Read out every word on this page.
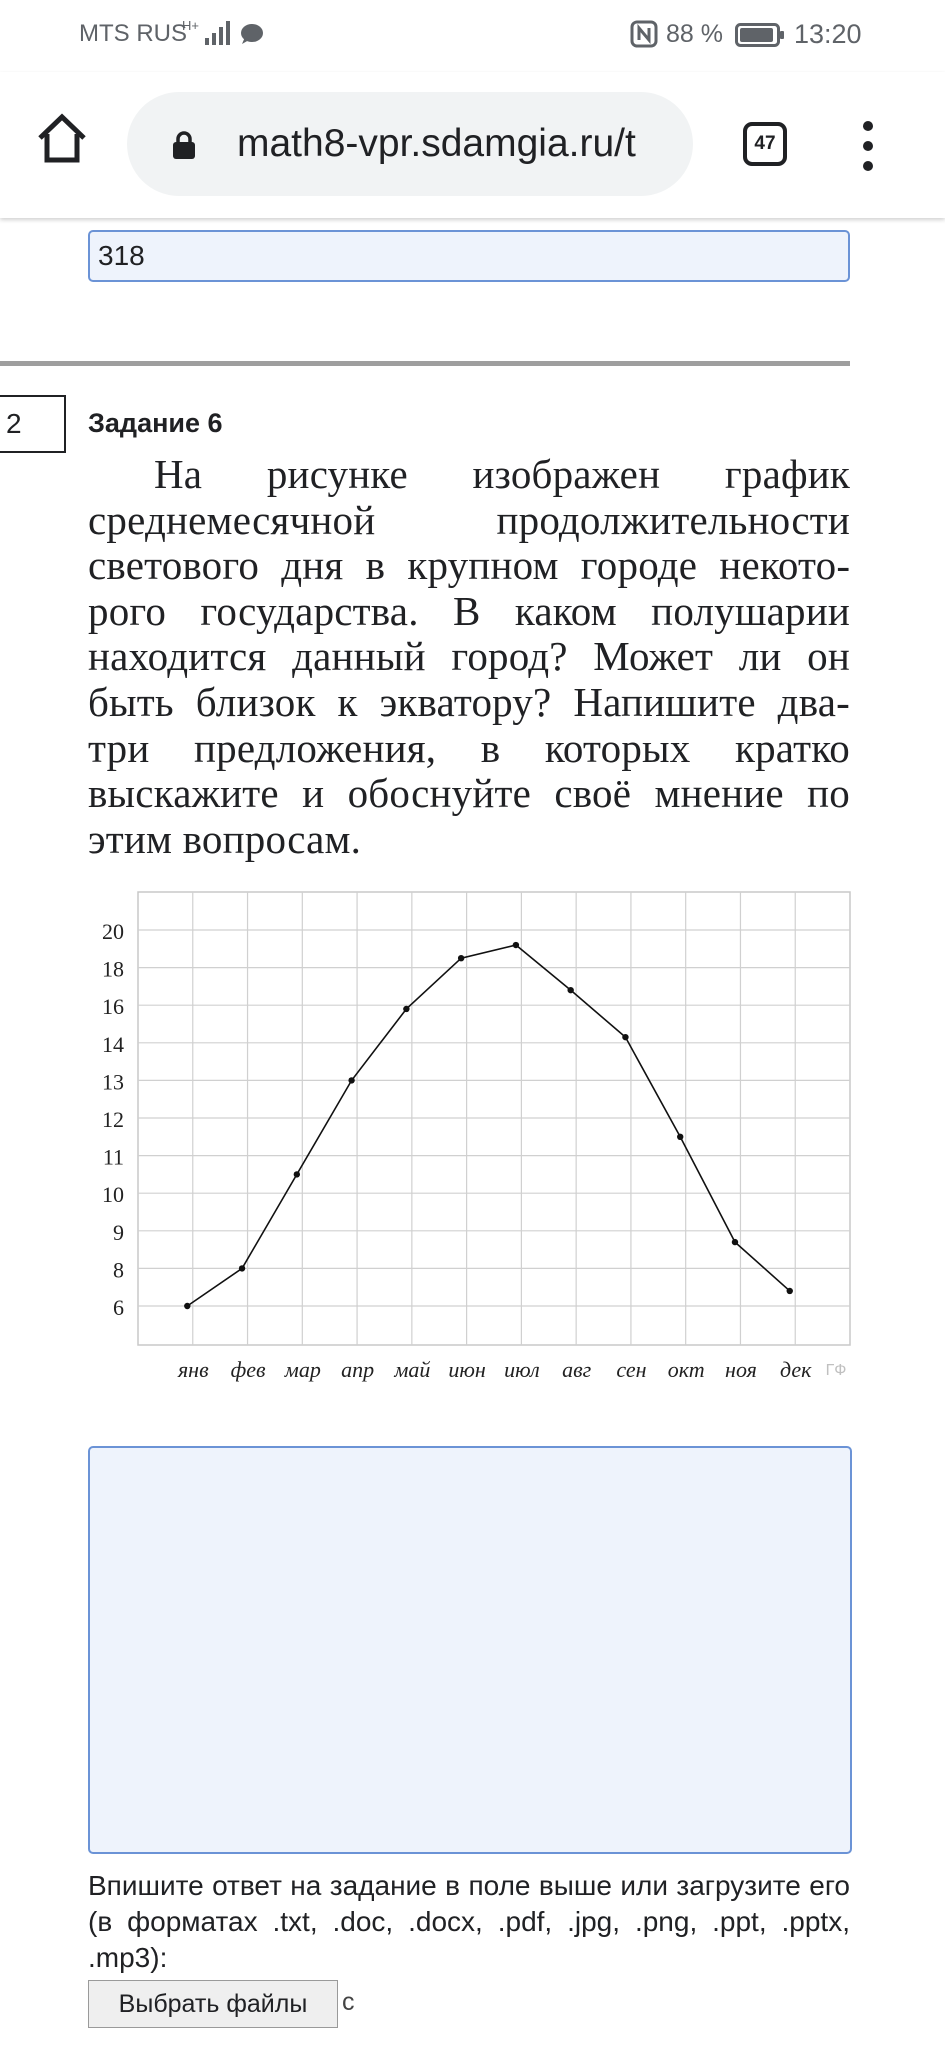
MTS RUS
H+	88 %	13:20
math8-vpr.sdamgia.ru/t	47
318
2	Задание 6
На рисунке изображен график среднемесячной продолжительности светового дня в крупном городе некоторого государства. В каком полушарии находится данный город? Может ли он быть близок к экватору? Напишите два-три предложения, в которых кратко выскажите и обоснуйте своё мнение по этим вопросам.
20
18
16
14
13
12
11
10
9
8
6
янв фев мар апр май июн июл авг сен окт ноя дек ГФ
Впишите ответ на задание в поле выше или загрузите его (в форматах .txt, .doc, .docx, .pdf, .jpg, .png, .ppt, .pptx, .mp3):
Выбрать файлы с
